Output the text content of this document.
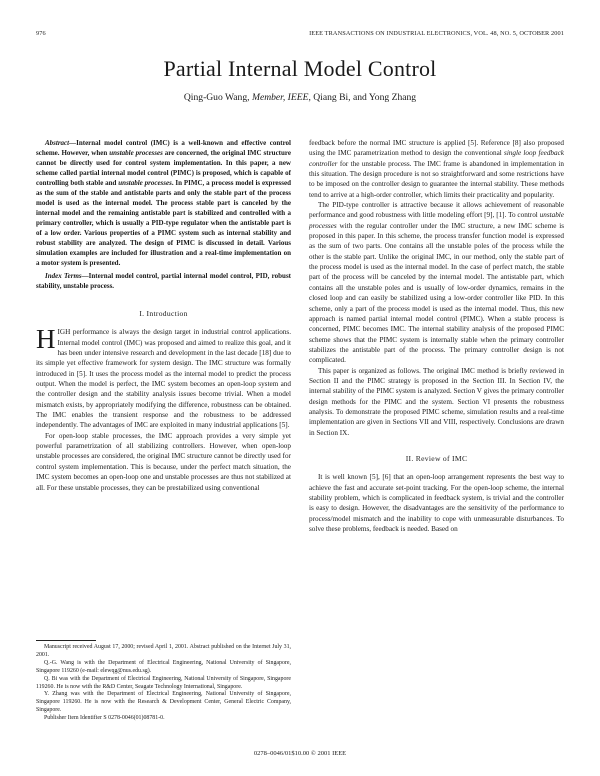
976	IEEE TRANSACTIONS ON INDUSTRIAL ELECTRONICS, VOL. 48, NO. 5, OCTOBER 2001
Partial Internal Model Control
Qing-Guo Wang, Member, IEEE, Qiang Bi, and Yong Zhang

Abstract—Internal model control (IMC) is a well-known and effective control scheme. However, when unstable processes are concerned, the original IMC structure cannot be directly used for control system implementation. In this paper, a new scheme called partial internal model control (PIMC) is proposed, which is capable of controlling both stable and unstable processes. In PIMC, a process model is expressed as the sum of the stable and antistable parts and only the stable part of the process model is used as the internal model. The process stable part is canceled by the internal model and the remaining antistable part is stabilized and controlled with a primary controller, which is usually a PID-type regulator when the antistable part is of a low order. Various properties of a PIMC system such as internal stability and robust stability are analyzed. The design of PIMC is discussed in detail. Various simulation examples are included for illustration and a real-time implementation on a motor system is presented.

Index Terms—Internal model control, partial internal model control, PID, robust stability, unstable process.

I. Introduction

HIGH performance is always the design target in industrial control applications. Internal model control (IMC) was proposed and aimed to realize this goal, and it has been under intensive research and development in the last decade [18] due to its simple yet effective framework for system design. The IMC structure was formally introduced in [5]. It uses the process model as the internal model to predict the process output. When the model is perfect, the IMC system becomes an open-loop system and the controller design and the stability analysis issues become trivial. When a model mismatch exists, by appropriately modifying the difference, robustness can be obtained. The IMC enables the transient response and the robustness to be addressed independently. The advantages of IMC are exploited in many industrial applications [5].

For open-loop stable processes, the IMC approach provides a very simple yet powerful parametrization of all stabilizing controllers. However, when open-loop unstable processes are considered, the original IMC structure cannot be directly used for control system implementation. This is because, under the perfect match situation, the IMC system becomes an open-loop one and unstable processes are thus not stabilized at all. For these unstable processes, they can be prestabilized using conventional

Manuscript received August 17, 2000; revised April 1, 2001. Abstract published on the Internet July 31, 2001.

Q.-G. Wang is with the Department of Electrical Engineering, National University of Singapore, Singapore 119260 (e-mail: elewqg@nus.edu.sg).

Q. Bi was with the Department of Electrical Engineering, National University of Singapore, Singapore 119260. He is now with the R&D Center, Seagate Technology International, Singapore.

Y. Zhang was with the Department of Electrical Engineering, National University of Singapore, Singapore 119260. He is now with the Research & Development Center, General Electric Company, Singapore.

Publisher Item Identifier S 0278-0046(01)08781-0.

feedback before the normal IMC structure is applied [5]. Reference [8] also proposed using the IMC parametrization method to design the conventional single loop feedback controller for the unstable process. The IMC frame is abandoned in implementation in this situation. The design procedure is not so straightforward and some restrictions have to be imposed on the controller design to guarantee the internal stability. These methods tend to arrive at a high-order controller, which limits their practicality and popularity.

The PID-type controller is attractive because it allows achievement of reasonable performance and good robustness with little modeling effort [9], [1]. To control unstable processes with the regular controller under the IMC structure, a new IMC scheme is proposed in this paper. In this scheme, the process transfer function model is expressed as the sum of two parts. One contains all the unstable poles of the process while the other is the stable part. Unlike the original IMC, in our method, only the stable part of the process model is used as the internal model. In the case of perfect match, the stable part of the process will be canceled by the internal model. The antistable part, which contains all the unstable poles and is usually of low-order dynamics, remains in the closed loop and can easily be stabilized using a low-order controller like PID. In this scheme, only a part of the process model is used as the internal model. Thus, this new approach is named partial internal model control (PIMC). When a stable process is concerned, PIMC becomes IMC. The internal stability analysis of the proposed PIMC scheme shows that the PIMC system is internally stable when the primary controller stabilizes the antistable part of the process. The primary controller design is not complicated.

This paper is organized as follows. The original IMC method is briefly reviewed in Section II and the PIMC strategy is proposed in the Section III. In Section IV, the internal stability of the PIMC system is analyzed. Section V gives the primary controller design methods for the PIMC and the system. Section VI presents the robustness analysis. To demonstrate the proposed PIMC scheme, simulation results and a real-time implementation are given in Sections VII and VIII, respectively. Conclusions are drawn in Section IX.

II. Review of IMC

It is well known [5], [6] that an open-loop arrangement represents the best way to achieve the fast and accurate set-point tracking. For the open-loop scheme, the internal stability problem, which is complicated in feedback system, is trivial and the controller is easy to design. However, the disadvantages are the sensitivity of the performance to process/model mismatch and the inability to cope with unmeasurable disturbances. To solve these problems, feedback is needed. Based on

0278–0046/01$10.00 © 2001 IEEE
